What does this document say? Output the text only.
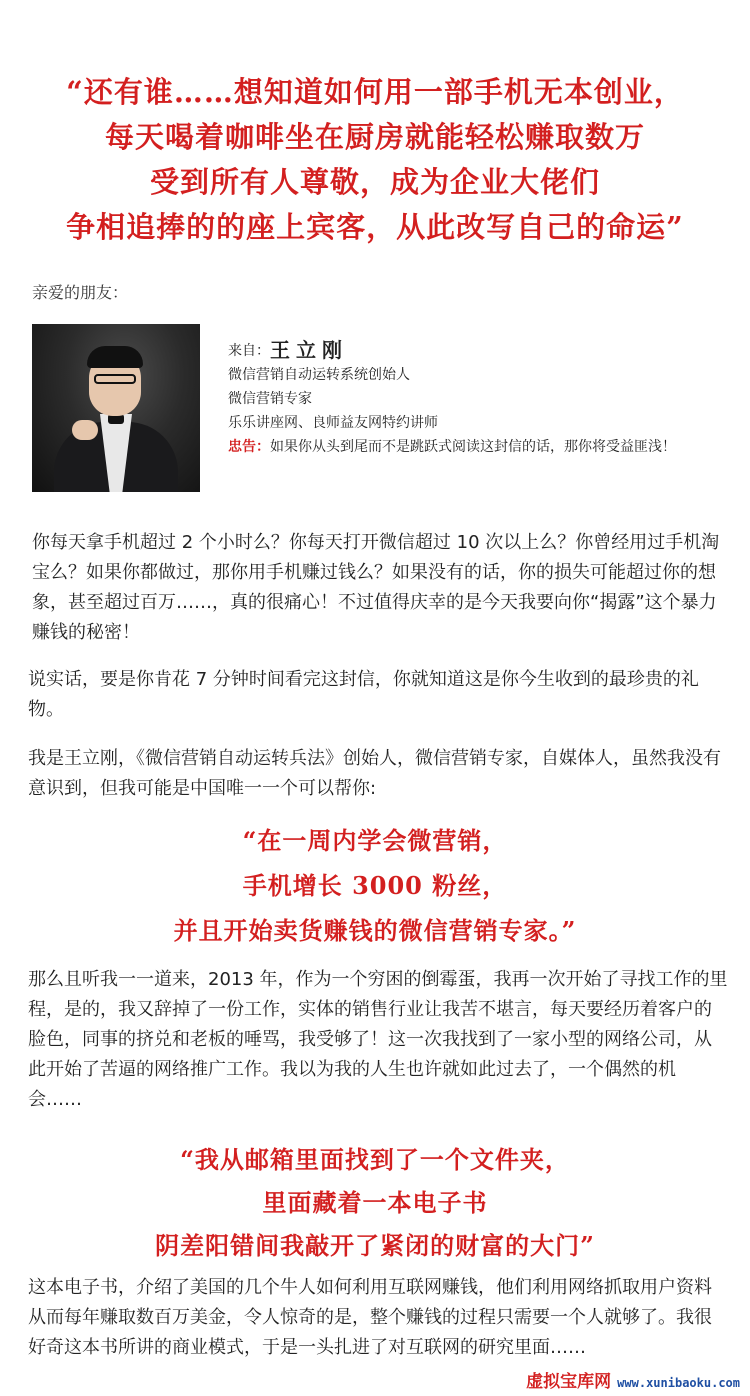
“还有谁……想知道如何用一部手机无本创业，
每天喝着咖啡坐在厨房就能轻松赚取数万
受到所有人尊敬，成为企业大佬们
争相追捧的的座上宾客，从此改写自己的命运”
亲爱的朋友：
来自：王立刚
微信营销自动运转系统创始人
微信营销专家
乐乐讲座网、良师益友网特约讲师
忠告：如果你从头到尾而不是跳跃式阅读这封信的话，那你将受益匪浅！
你每天拿手机超过 2 个小时么？你每天打开微信超过 10 次以上么？你曾经用过手机淘宝么？如果你都做过，那你用手机赚过钱么？如果没有的话，你的损失可能超过你的想象，甚至超过百万……，真的很痛心！不过值得庆幸的是今天我要向你“揭露”这个暴力赚钱的秘密！
说实话，要是你肯花 7 分钟时间看完这封信，你就知道这是你今生收到的最珍贵的礼物。
我是王立刚，《微信营销自动运转兵法》创始人，微信营销专家，自媒体人，虽然我没有意识到，但我可能是中国唯一一个可以帮你:
“在一周内学会微营销，
手机增长 3000 粉丝，
并且开始卖货赚钱的微信营销专家。”
那么且听我一一道来，2013 年，作为一个穷困的倒霉蛋，我再一次开始了寻找工作的里程，是的，我又辞掉了一份工作，实体的销售行业让我苦不堪言，每天要经历着客户的脸色，同事的挤兑和老板的唾骂，我受够了！这一次我找到了一家小型的网络公司，从此开始了苦逼的网络推广工作。我以为我的人生也许就如此过去了，一个偶然的机会……
“我从邮箱里面找到了一个文件夹，
里面藏着一本电子书
阴差阳错间我敲开了紧闭的财富的大门”
这本电子书，介绍了美国的几个牛人如何利用互联网赚钱，他们利用网络抓取用户资料从而每年赚取数百万美金，令人惊奇的是，整个赚钱的过程只需要一个人就够了。我很好奇这本书所讲的商业模式，于是一头扎进了对互联网的研究里面……
虚拟宝库网 www.xunibaoku.com
